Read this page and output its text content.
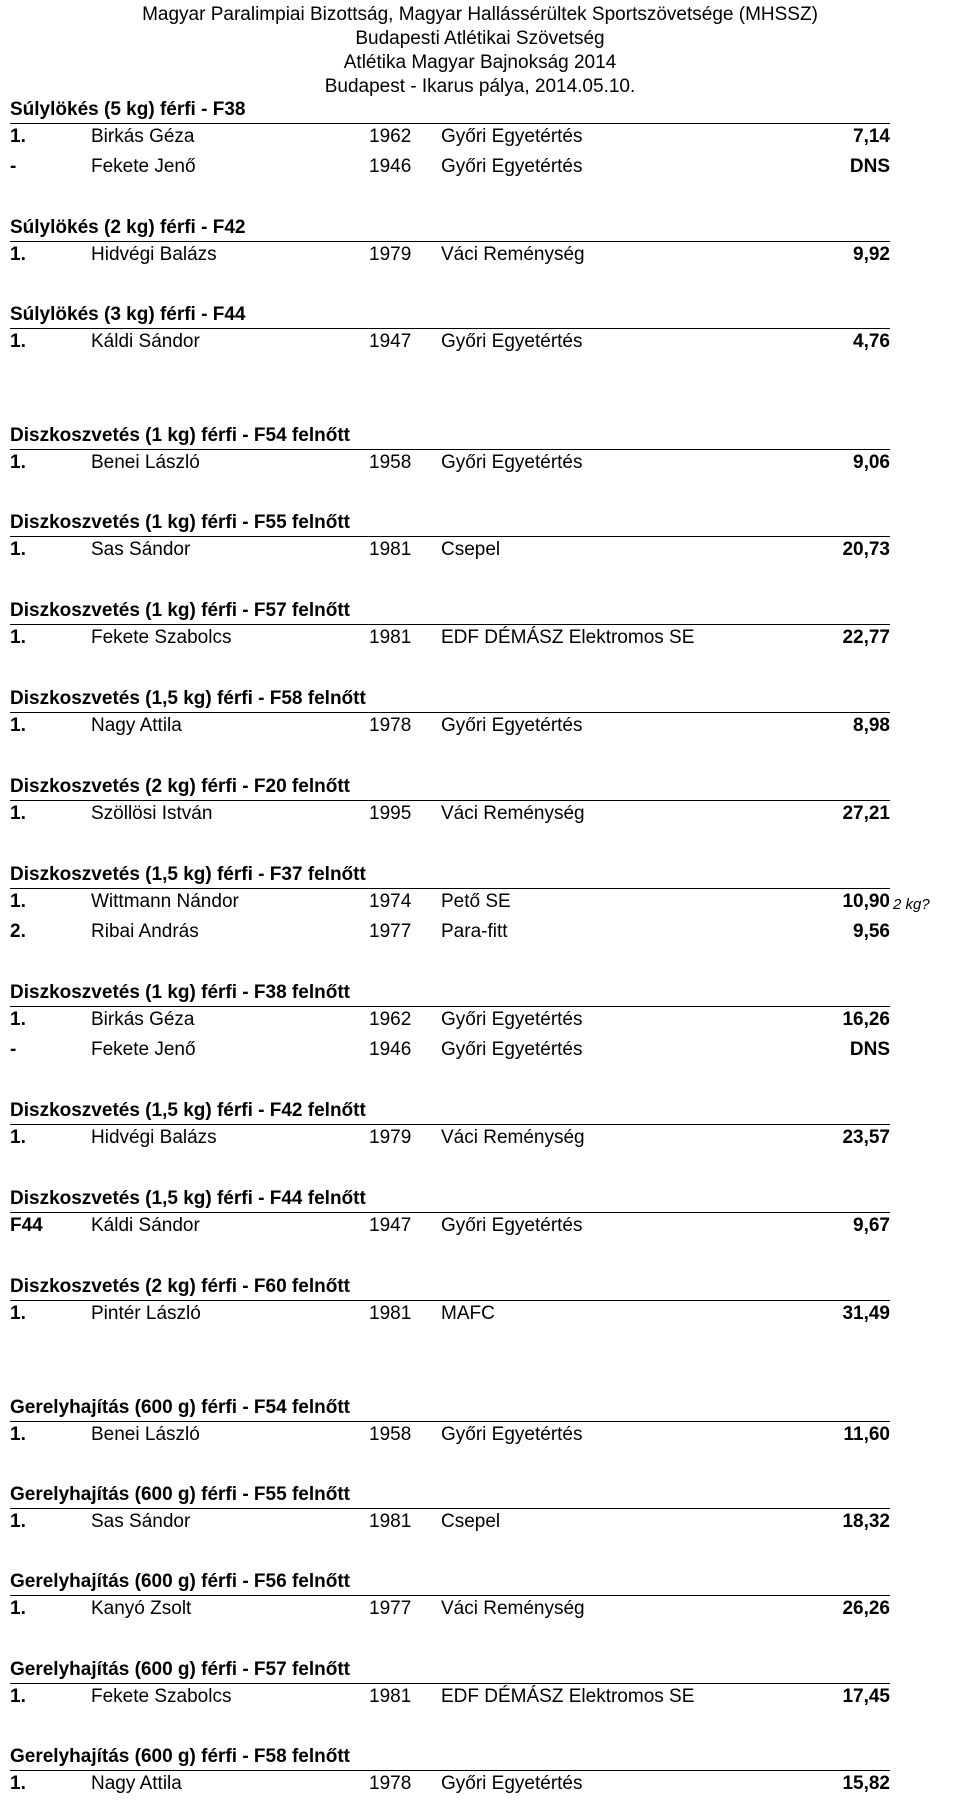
Magyar Paralimpiai Bizottság, Magyar Hallássérültek Sportszövetsége (MHSSZ)
Budapesti Atlétikai Szövetség
Atlétika Magyar Bajnokság 2014
Budapest - Ikarus pálya, 2014.05.10.
Súlylökés (5 kg) férfi - F38
1.	Birkás Géza	1962 Győri Egyetértés	7,14
-	Fekete Jenő	1946 Győri Egyetértés	DNS
Súlylökés (2 kg) férfi - F42
1.	Hidvégi Balázs	1979 Váci Reménység	9,92
Súlylökés (3 kg) férfi - F44
1.	Káldi Sándor	1947 Győri Egyetértés	4,76
Diszkoszvetés (1 kg) férfi - F54 felnőtt
1.	Benei László	1958 Győri Egyetértés	9,06
Diszkoszvetés (1 kg) férfi - F55 felnőtt
1.	Sas Sándor	1981 Csepel	20,73
Diszkoszvetés (1 kg) férfi - F57 felnőtt
1.	Fekete Szabolcs	1981 EDF DÉMÁSZ Elektromos SE	22,77
Diszkoszvetés (1,5 kg) férfi - F58 felnőtt
1.	Nagy Attila	1978 Győri Egyetértés	8,98
Diszkoszvetés (2 kg) férfi - F20 felnőtt
1.	Szöllösi István	1995 Váci Reménység	27,21
Diszkoszvetés (1,5 kg) férfi - F37 felnőtt
1.	Wittmann Nándor	1974 Pető SE	10,90 2 kg?
2.	Ribai András	1977 Para-fitt	9,56
Diszkoszvetés (1 kg) férfi - F38 felnőtt
1.	Birkás Géza	1962 Győri Egyetértés	16,26
-	Fekete Jenő	1946 Győri Egyetértés	DNS
Diszkoszvetés (1,5 kg) férfi - F42 felnőtt
1.	Hidvégi Balázs	1979 Váci Reménység	23,57
Diszkoszvetés (1,5 kg) férfi - F44 felnőtt
F44	Káldi Sándor	1947 Győri Egyetértés	9,67
Diszkoszvetés (2 kg) férfi - F60 felnőtt
1.	Pintér László	1981 MAFC	31,49
Gerelyhajítás (600 g) férfi - F54 felnőtt
1.	Benei László	1958 Győri Egyetértés	11,60
Gerelyhajítás (600 g) férfi - F55 felnőtt
1.	Sas Sándor	1981 Csepel	18,32
Gerelyhajítás (600 g) férfi - F56 felnőtt
1.	Kanyó Zsolt	1977 Váci Reménység	26,26
Gerelyhajítás (600 g) férfi - F57 felnőtt
1.	Fekete Szabolcs	1981 EDF DÉMÁSZ Elektromos SE	17,45
Gerelyhajítás (600 g) férfi - F58 felnőtt
1.	Nagy Attila	1978 Győri Egyetértés	15,82
